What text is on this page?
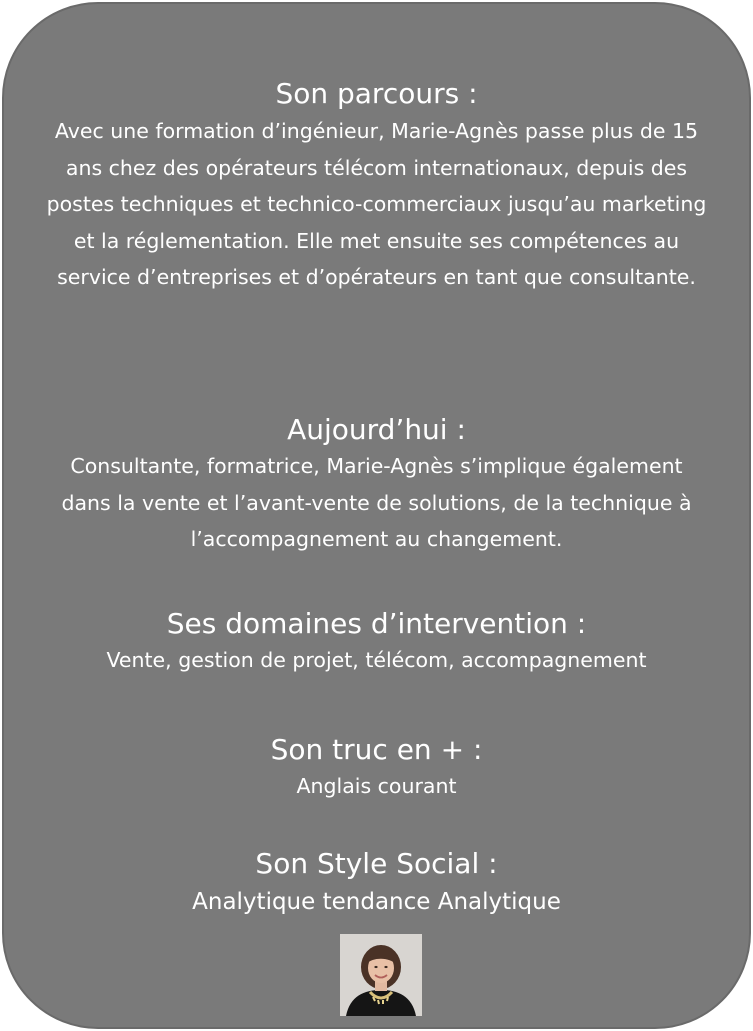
Son parcours :

Avec une formation d’ingénieur, Marie-Agnès passe plus de 15 ans chez des opérateurs télécom internationaux, depuis des postes techniques et technico-commerciaux jusqu’au marketing et la réglementation. Elle met ensuite ses compétences au service d’entreprises et d’opérateurs en tant que consultante.

Aujourd’hui :

Consultante, formatrice, Marie-Agnès s’implique également dans la vente et l’avant-vente de solutions, de la technique à l’accompagnement au changement.

Ses domaines d’intervention :

Vente, gestion de projet, télécom, accompagnement

Son truc en + :

Anglais courant

Son Style Social :

Analytique tendance Analytique
